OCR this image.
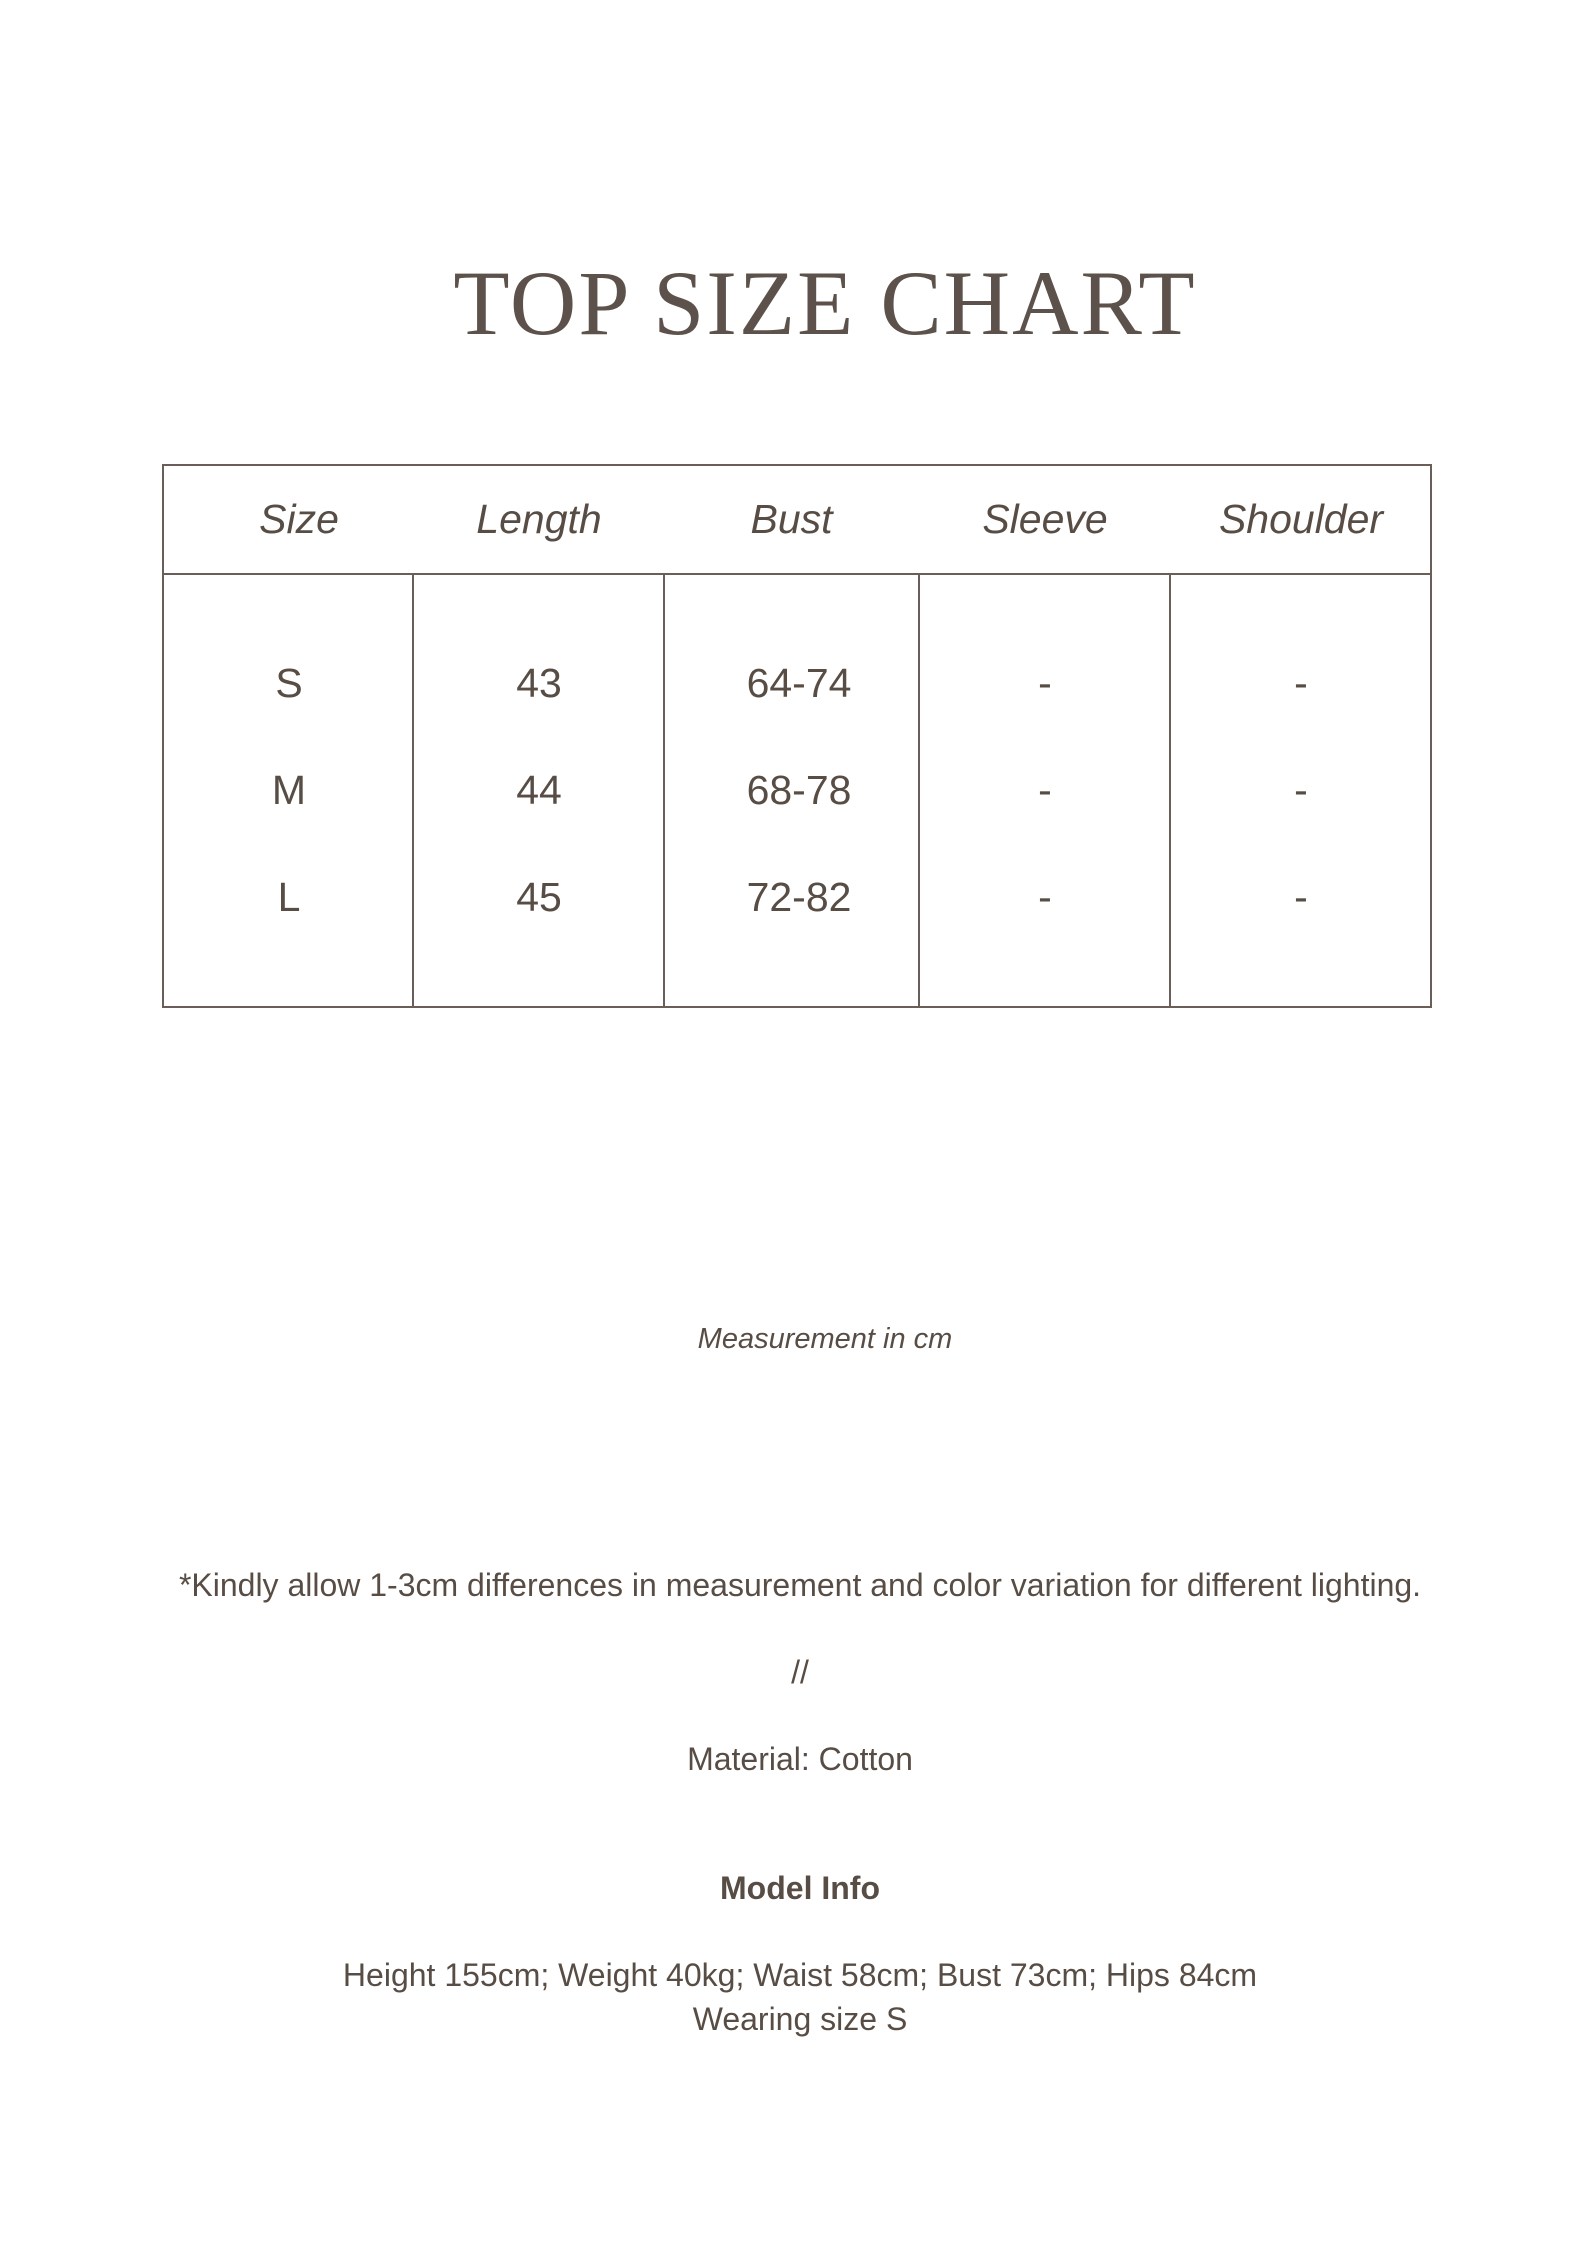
TOP SIZE CHART
Size	Length	Bust	Sleeve	Shoulder
S	43	64-74	-	-
M	44	68-78	-	-
L	45	72-82	-	-
Measurement in cm
*Kindly allow 1-3cm differences in measurement and color variation for different lighting.
//
Material: Cotton
Model Info
Height 155cm; Weight 40kg; Waist 58cm; Bust 73cm; Hips 84cm
Wearing size S
